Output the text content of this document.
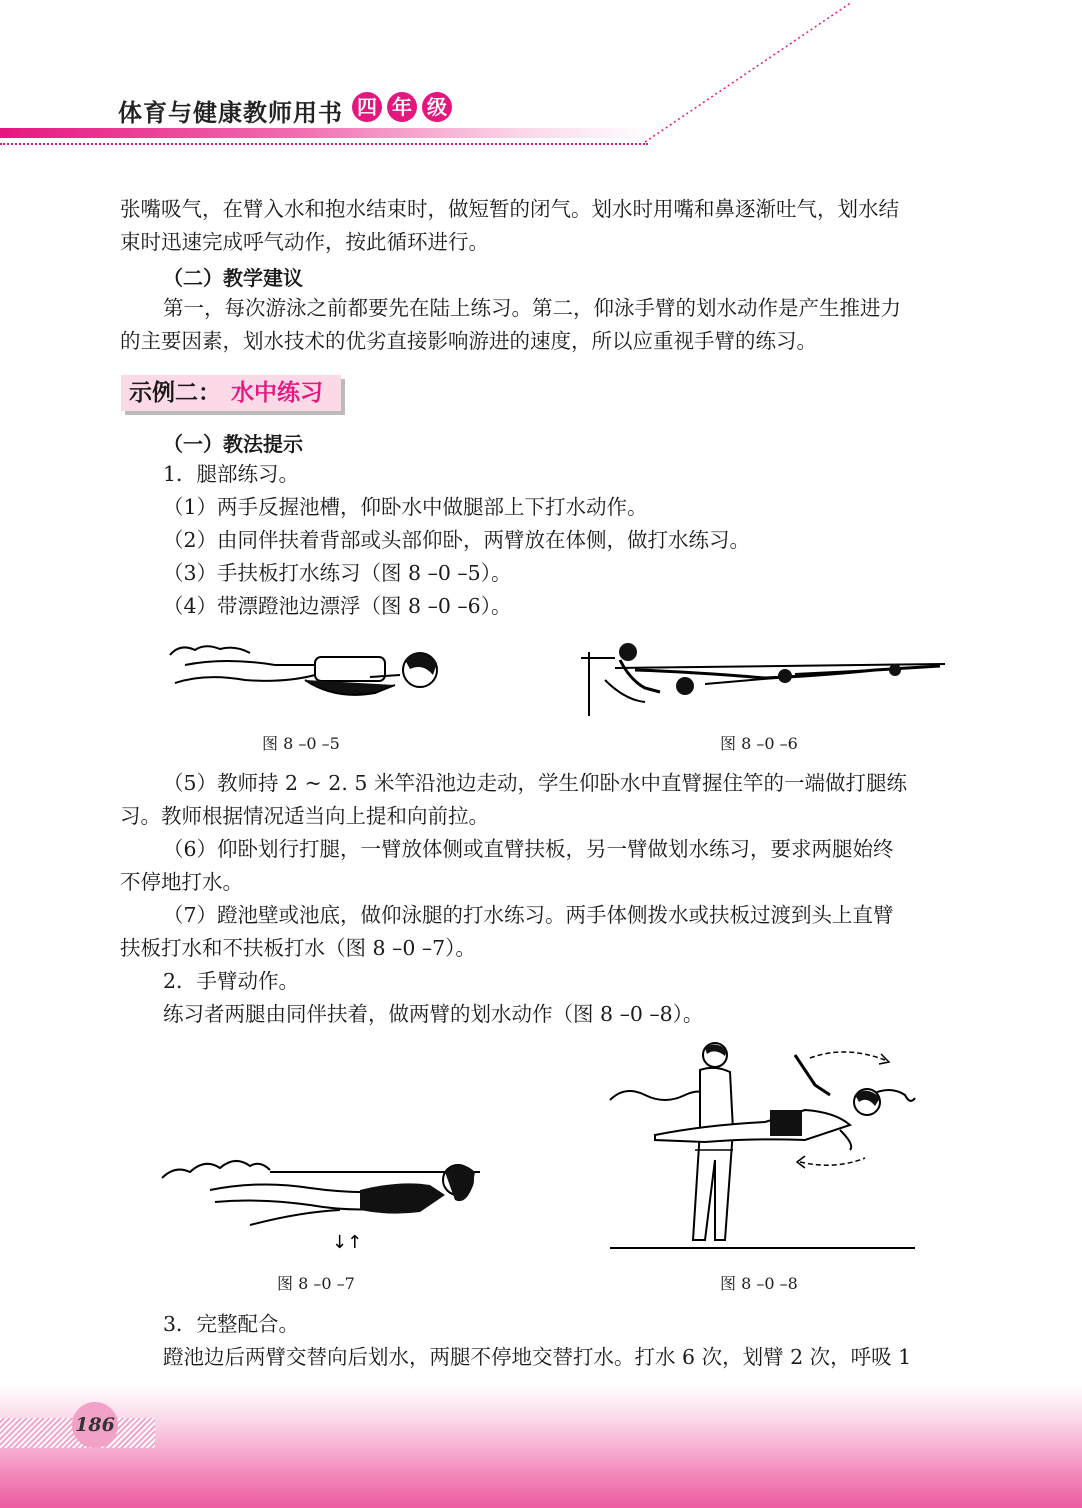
体育与健康教师用书 四 年 级

张嘴吸气，在臂入水和抱水结束时，做短暂的闭气。划水时用嘴和鼻逐渐吐气，划水结

束时迅速完成呼气动作，按此循环进行。

（二）教学建议

第一，每次游泳之前都要先在陆上练习。第二，仰泳手臂的划水动作是产生推进力

的主要因素，划水技术的优劣直接影响游进的速度，所以应重视手臂的练习。

示例二： 水中练习
（一）教法提示

1．腿部练习。

（1）两手反握池槽，仰卧水中做腿部上下打水动作。

（2）由同伴扶着背部或头部仰卧，两臂放在体侧，做打水练习。

（3）手扶板打水练习（图 8 –0 –5）。

（4）带漂蹬池边漂浮（图 8 –0 –6）。

图 8 –0 –5	图 8 –0 –6

（5）教师持 2 ~ 2. 5 米竿沿池边走动，学生仰卧水中直臂握住竿的一端做打腿练

习。教师根据情况适当向上提和向前拉。

（6）仰卧划行打腿，一臂放体侧或直臂扶板，另一臂做划水练习，要求两腿始终

不停地打水。

（7）蹬池壁或池底，做仰泳腿的打水练习。两手体侧拨水或扶板过渡到头上直臂

扶板打水和不扶板打水（图 8 –0 –7）。

2．手臂动作。

练习者两腿由同伴扶着，做两臂的划水动作（图 8 –0 –8）。

↓↑
图 8 –0 –7	图 8 –0 –8

3．完整配合。

蹬池边后两臂交替向后划水，两腿不停地交替打水。打水 6 次，划臂 2 次，呼吸 1

186
